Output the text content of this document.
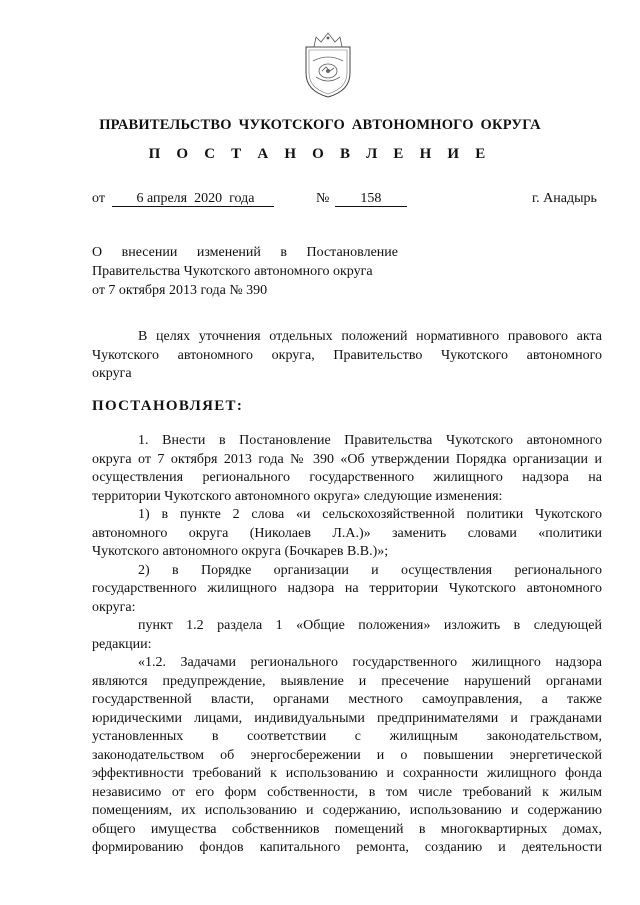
ПРАВИТЕЛЬСТВО ЧУКОТСКОГО АВТОНОМНОГО ОКРУГА
П О С Т А Н О В Л Е Н И Е
от 6 апреля  2020  года	№ 158	г. Анадырь
О внесении изменений в Постановление
Правительства Чукотского автономного округа
от 7 октября 2013 года № 390
В целях уточнения отдельных положений нормативного правового акта
Чукотского автономного округа, Правительство Чукотского автономного
округа
ПОСТАНОВЛЯЕТ:
1. Внести в Постановление Правительства Чукотского автономного
округа от 7 октября 2013 года № 390 «Об утверждении Порядка организации и
осуществления регионального государственного жилищного надзора на
территории Чукотского автономного округа» следующие изменения:
1) в пункте 2 слова «и сельскохозяйственной политики Чукотского
автономного округа (Николаев Л.А.)» заменить словами «политики
Чукотского автономного округа (Бочкарев В.В.)»;
2) в Порядке организации и осуществления регионального
государственного жилищного надзора на территории Чукотского автономного
округа:
пункт 1.2 раздела 1 «Общие положения» изложить в следующей
редакции:
«1.2. Задачами регионального государственного жилищного надзора
являются предупреждение, выявление и пресечение нарушений органами
государственной власти, органами местного самоуправления, а также
юридическими лицами, индивидуальными предпринимателями и гражданами
установленных в соответствии с жилищным законодательством,
законодательством об энергосбережении и о повышении энергетической
эффективности требований к использованию и сохранности жилищного фонда
независимо от его форм собственности, в том числе требований к жилым
помещениям, их использованию и содержанию, использованию и содержанию
общего имущества собственников помещений в многоквартирных домах,
формированию фондов капитального ремонта, созданию и деятельности
